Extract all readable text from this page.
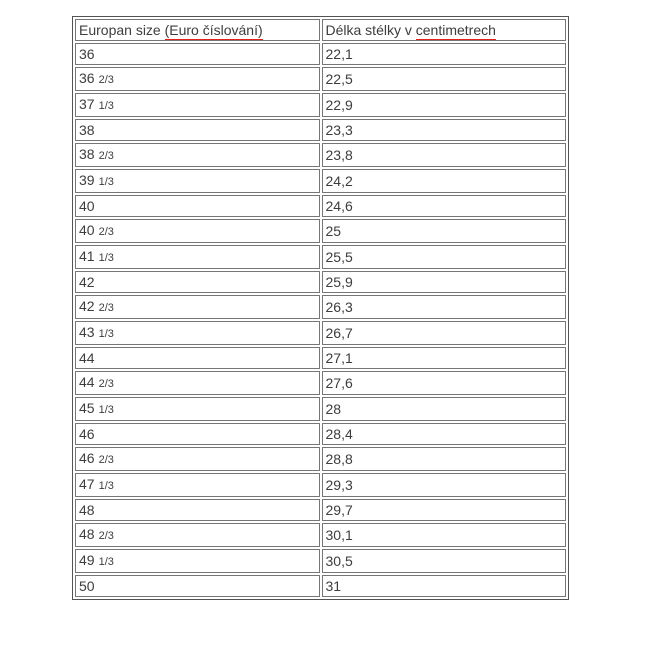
Europan size (Euro číslování)	Délka stélky v centimetrech
36	22,1
36 2/3	22,5
37 1/3	22,9
38	23,3
38 2/3	23,8
39 1/3	24,2
40	24,6
40 2/3	25
41 1/3	25,5
42	25,9
42 2/3	26,3
43 1/3	26,7
44	27,1
44 2/3	27,6
45 1/3	28
46	28,4
46 2/3	28,8
47 1/3	29,3
48	29,7
48 2/3	30,1
49 1/3	30,5
50	31
